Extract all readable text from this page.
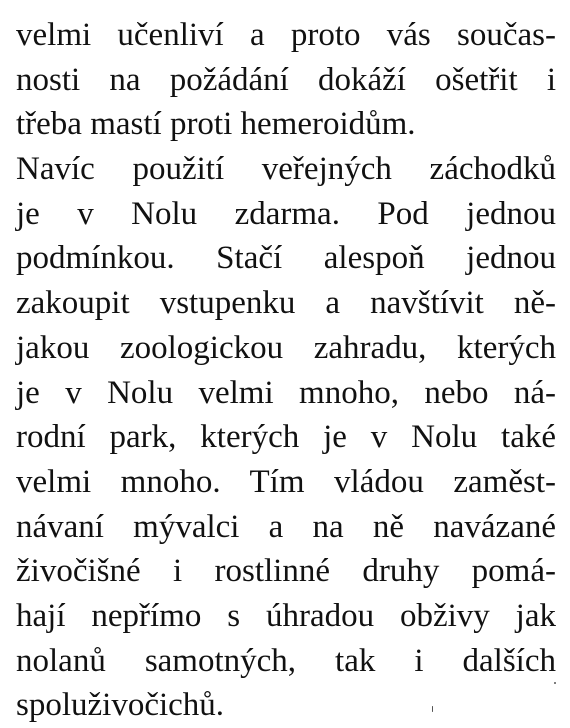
velmi učenliví a proto vás součas-
nosti na požádání dokáží ošetřit i
třeba mastí proti hemeroidům.
Navíc použití veřejných záchodků
je v Nolu zdarma. Pod jednou
podmínkou. Stačí alespoň jednou
zakoupit vstupenku a navštívit ně-
jakou zoologickou zahradu, kterých
je v Nolu velmi mnoho, nebo ná-
rodní park, kterých je v Nolu také
velmi mnoho. Tím vládou zaměst-
návaní mývalci a na ně navázané
živočišné i rostlinné druhy pomá-
hají nepřímo s úhradou obživy jak
nolanů samotných, tak i dalších
spoluživočichů.
